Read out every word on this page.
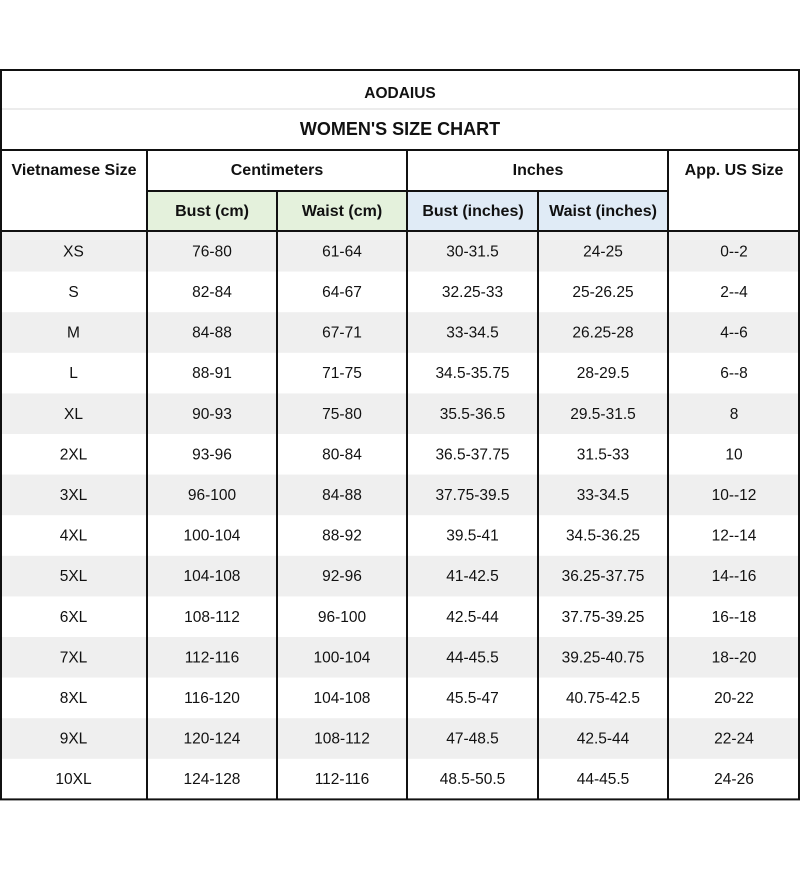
AODAIUS
WOMEN'S SIZE CHART
Vietnamese Size	Centimeters	Inches	App. US Size
Bust (cm)	Waist (cm)	Bust (inches) Waist (inches)
XS	76-80	61-64	30-31.5	24-25	0--2
S	82-84	64-67	32.25-33	25-26.25	2--4
M	84-88	67-71	33-34.5	26.25-28	4--6
L	88-91	71-75	34.5-35.75	28-29.5	6--8
XL	90-93	75-80	35.5-36.5	29.5-31.5	8
2XL	93-96	80-84	36.5-37.75	31.5-33	10
3XL	96-100	84-88	37.75-39.5	33-34.5	10--12
4XL	100-104	88-92	39.5-41	34.5-36.25	12--14
5XL	104-108	92-96	41-42.5	36.25-37.75	14--16
6XL	108-112	96-100	42.5-44	37.75-39.25	16--18
7XL	112-116	100-104	44-45.5	39.25-40.75	18--20
8XL	116-120	104-108	45.5-47	40.75-42.5	20-22
9XL	120-124	108-112	47-48.5	42.5-44	22-24
10XL	124-128	112-116	48.5-50.5	44-45.5	24-26
